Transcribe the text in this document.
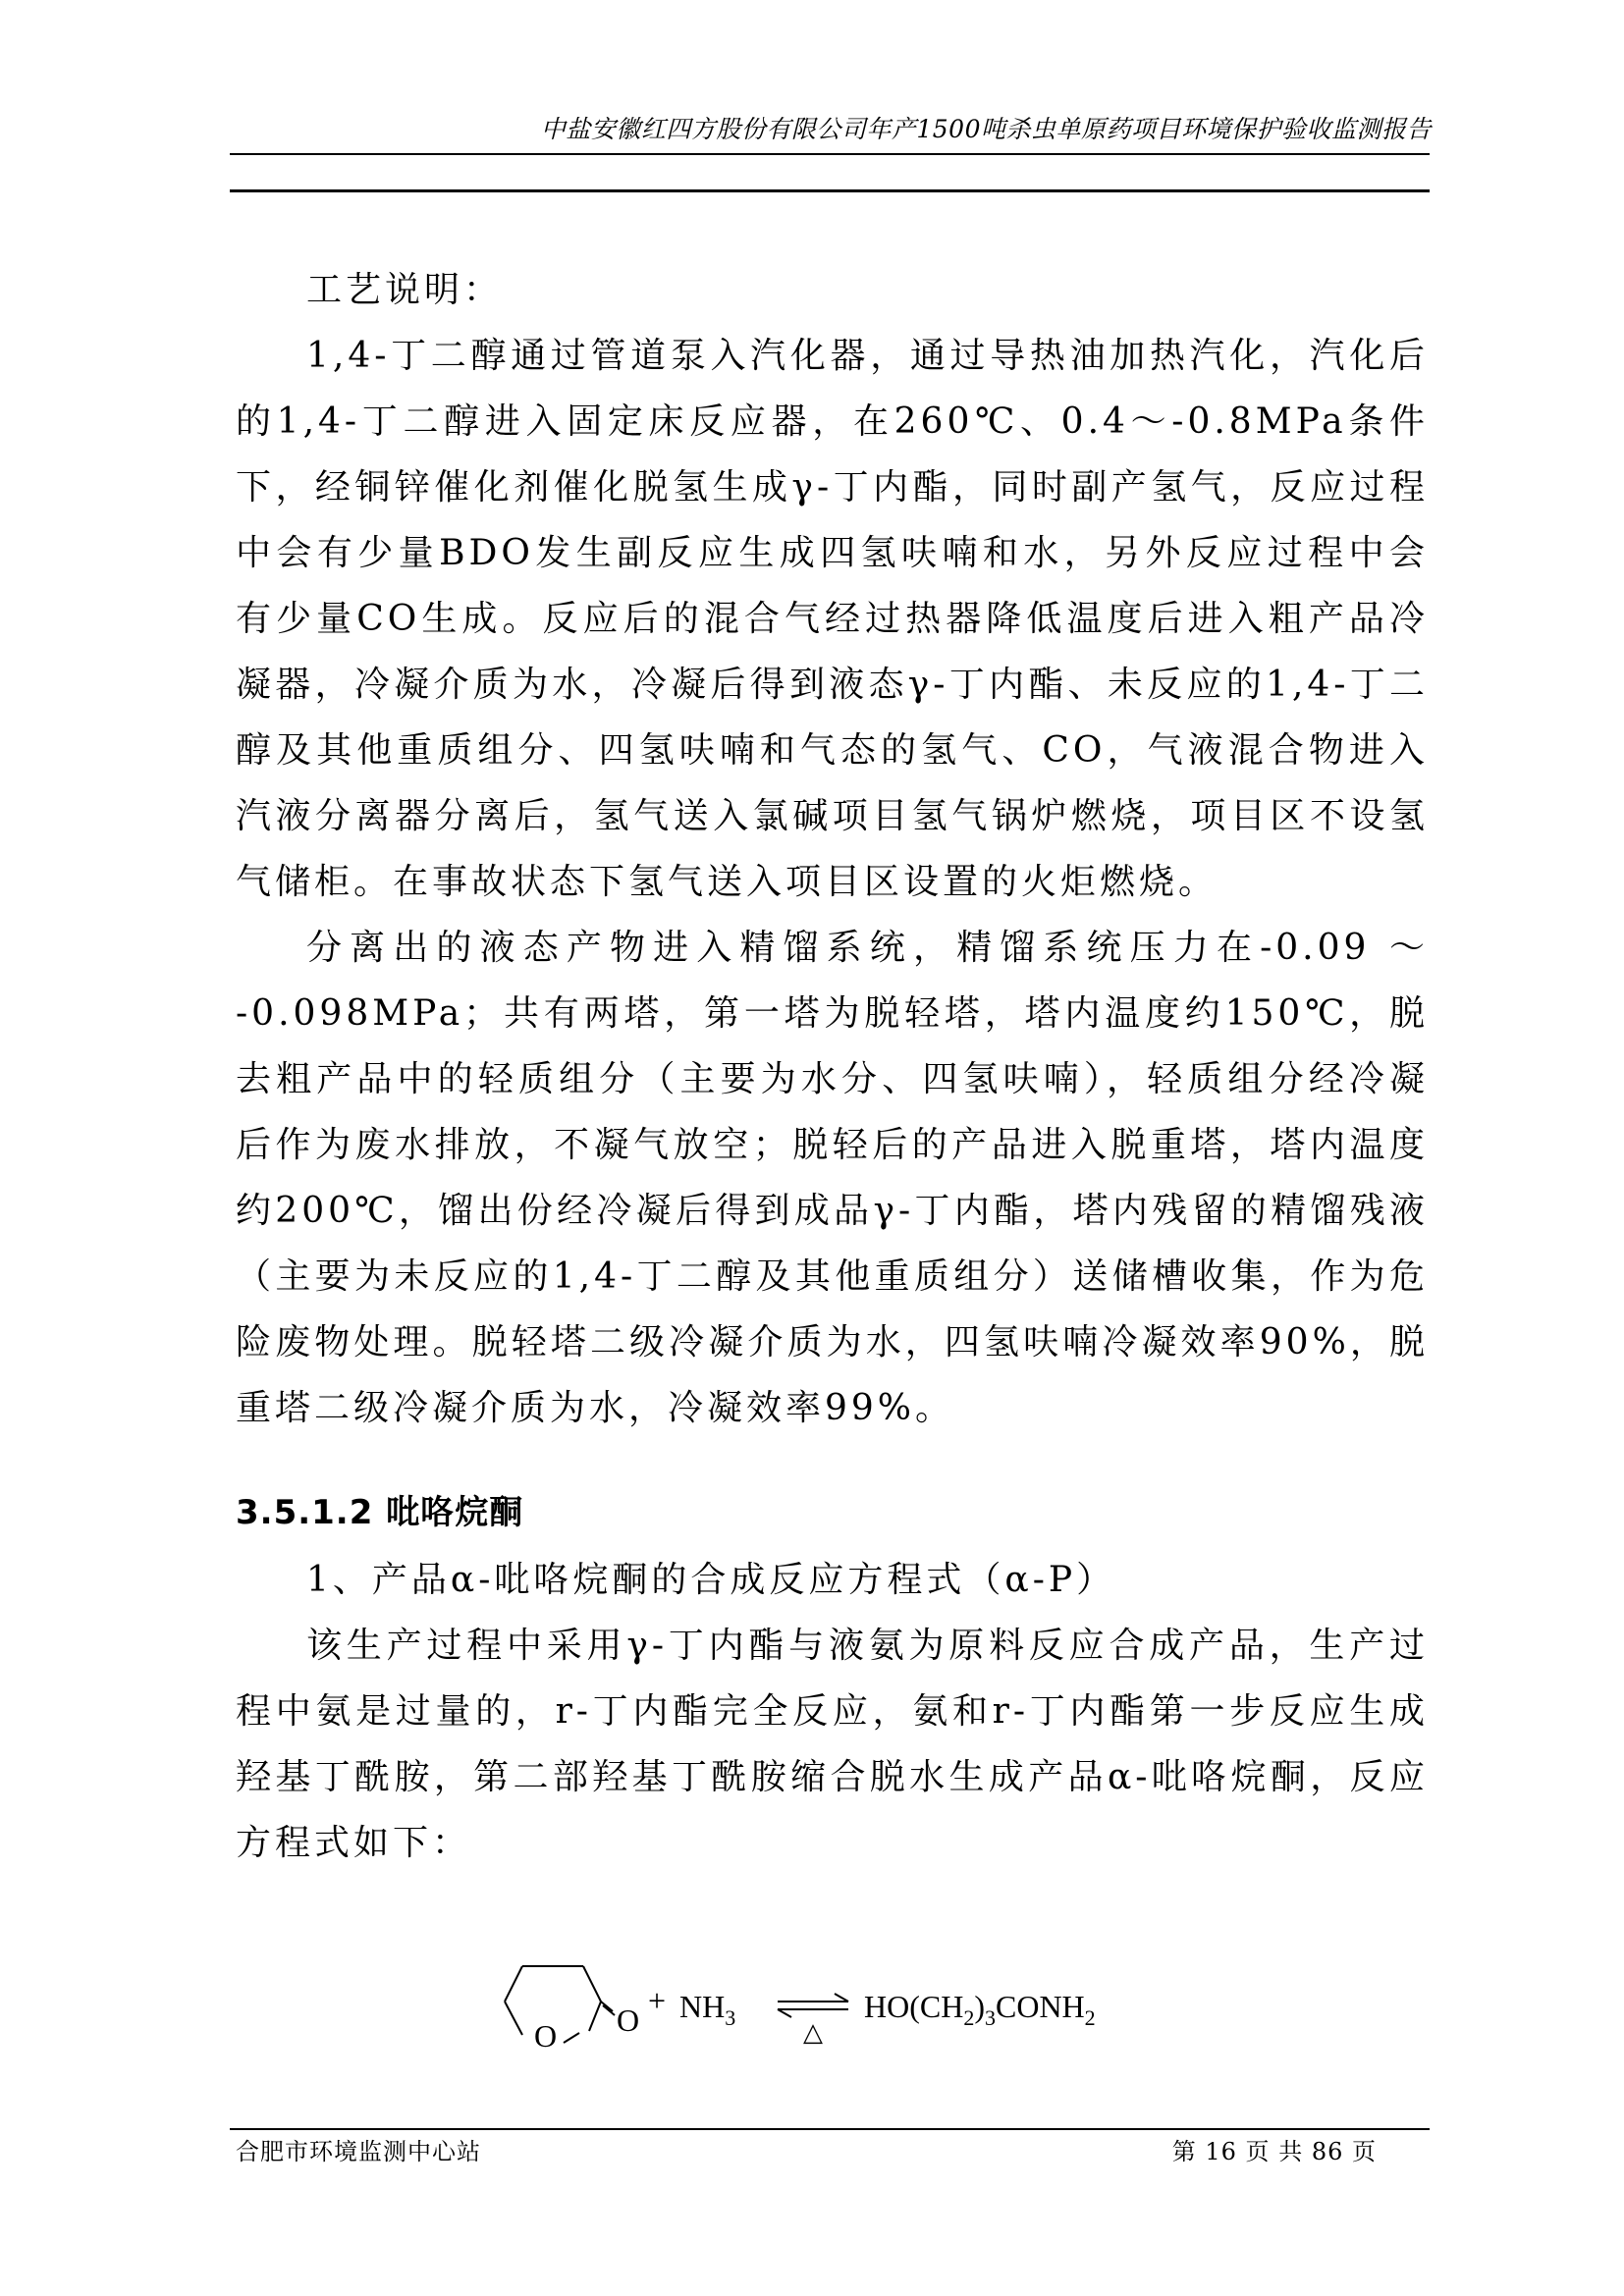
中盐安徽红四方股份有限公司年产1500吨杀虫单原药项目环境保护验收监测报告

工艺说明：

1,4-丁二醇通过管道泵入汽化器，通过导热油加热汽化，汽化后的1,4-丁二醇进入固定床反应器，在260℃、0.4～-0.8MPa条件下，经铜锌催化剂催化脱氢生成γ-丁内酯，同时副产氢气，反应过程中会有少量BDO发生副反应生成四氢呋喃和水，另外反应过程中会有少量CO生成。反应后的混合气经过热器降低温度后进入粗产品冷凝器，冷凝介质为水，冷凝后得到液态γ-丁内酯、未反应的1,4-丁二醇及其他重质组分、四氢呋喃和气态的氢气、CO，气液混合物进入汽液分离器分离后，氢气送入氯碱项目氢气锅炉燃烧，项目区不设氢气储柜。在事故状态下氢气送入项目区设置的火炬燃烧。

分离出的液态产物进入精馏系统，精馏系统压力在-0.09 ～ -0.098MPa；共有两塔，第一塔为脱轻塔，塔内温度约150℃，脱去粗产品中的轻质组分（主要为水分、四氢呋喃），轻质组分经冷凝后作为废水排放，不凝气放空；脱轻后的产品进入脱重塔，塔内温度约200℃，馏出份经冷凝后得到成品γ-丁内酯，塔内残留的精馏残液（主要为未反应的1,4-丁二醇及其他重质组分）送储槽收集，作为危险废物处理。脱轻塔二级冷凝介质为水，四氢呋喃冷凝效率90%，脱重塔二级冷凝介质为水，冷凝效率99%。

3.5.1.2 吡咯烷酮

1、产品α-吡咯烷酮的合成反应方程式（α-P）

该生产过程中采用γ-丁内酯与液氨为原料反应合成产品，生产过程中氨是过量的，r-丁内酯完全反应，氨和r-丁内酯第一步反应生成羟基丁酰胺，第二部羟基丁酰胺缩合脱水生成产品α-吡咯烷酮，反应方程式如下：

O O
+ $NH_3$
△
$HO(CH_2)_3CONH_2$
合肥市环境监测中心站	第 16 页 共 86 页
